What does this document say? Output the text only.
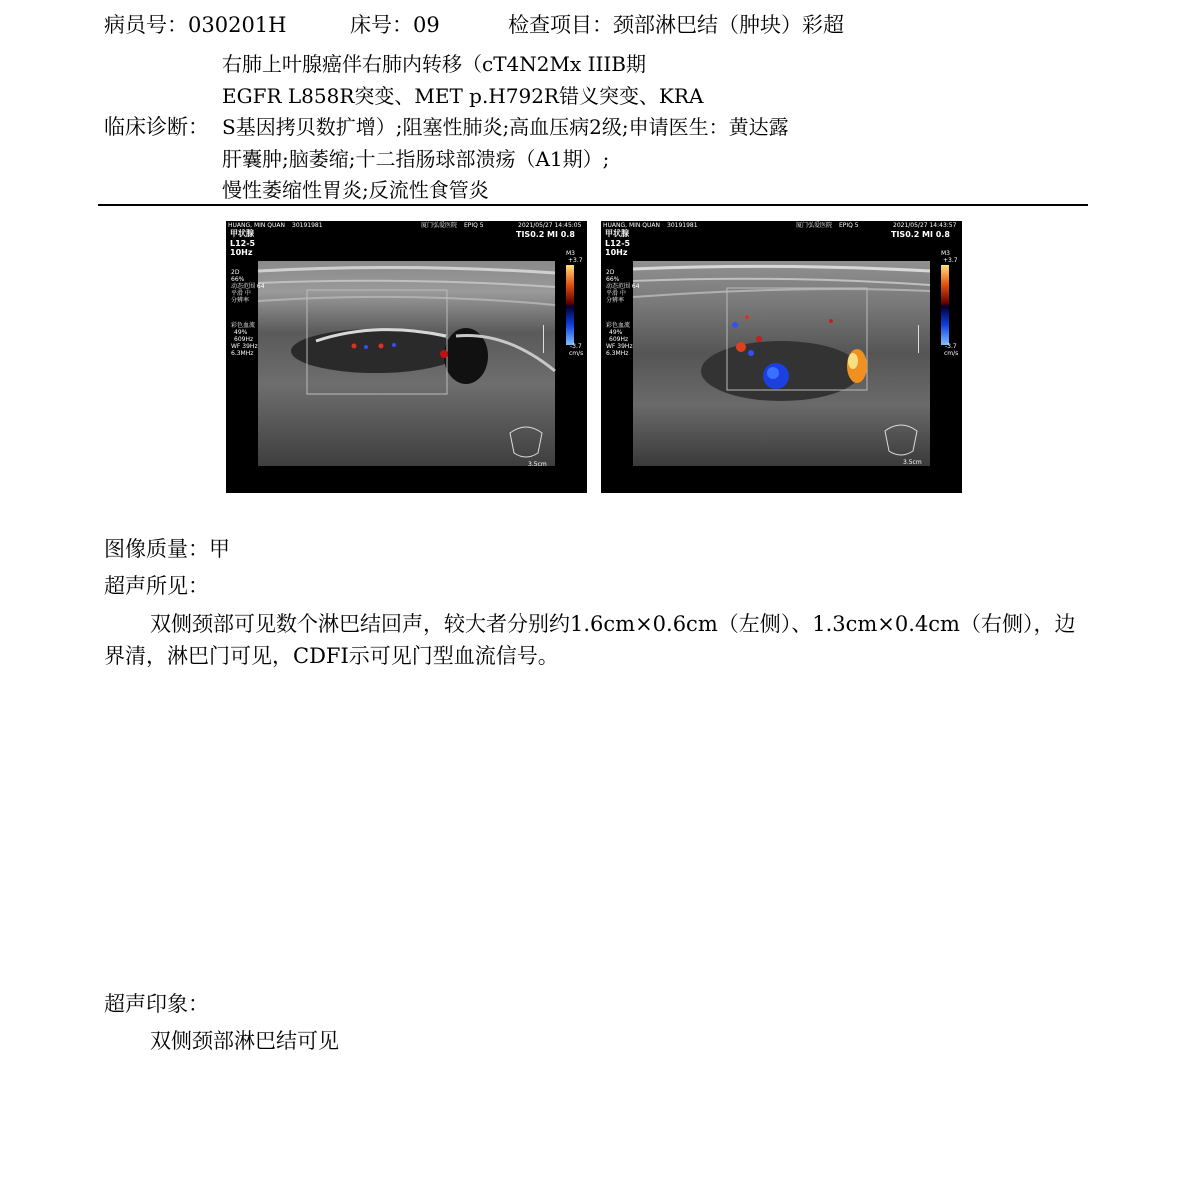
病员号：030201H	床号：09	检查项目：颈部淋巴结（肿块）彩超
临床诊断：
右肺上叶腺癌伴右肺内转移（cT4N2Mx IIIB期
EGFR L858R突变、MET p.H792R错义突变、KRA
S基因拷贝数扩增）;阻塞性肺炎;高血压病2级;申请医生：黄达露
肝囊肿;脑萎缩;十二指肠球部溃疡（A1期）;
慢性萎缩性胃炎;反流性食管炎
HUANG, MIN QUAN 30191981	厦门弘爱医院 EPIQ 5	2021/05/27 14:45:05
TIS0.2 MI 0.8
甲状腺
L12-5
10Hz
2D
66%
动态范围 64
平滑 中
分辨率
彩色血流
49%
609Hz
WF 39Hz
6.3MHz
M3
+3.7
-3.7
cm/s
3.5cm
HUANG, MIN QUAN 30191981	厦门弘爱医院 EPIQ 5	2021/05/27 14:43:57
TIS0.2 MI 0.8
甲状腺
L12-5
10Hz
2D
66%
动态范围 64
平滑 中
分辨率
彩色血流
49%
609Hz
WF 39Hz
6.3MHz
M3
+3.7
-3.7
cm/s
3.5cm
图像质量：甲
超声所见：
双侧颈部可见数个淋巴结回声，较大者分别约1.6cm×0.6cm（左侧）、1.3cm×0.4cm（右侧），边界清，淋巴门可见，CDFI示可见门型血流信号。
超声印象：
双侧颈部淋巴结可见
